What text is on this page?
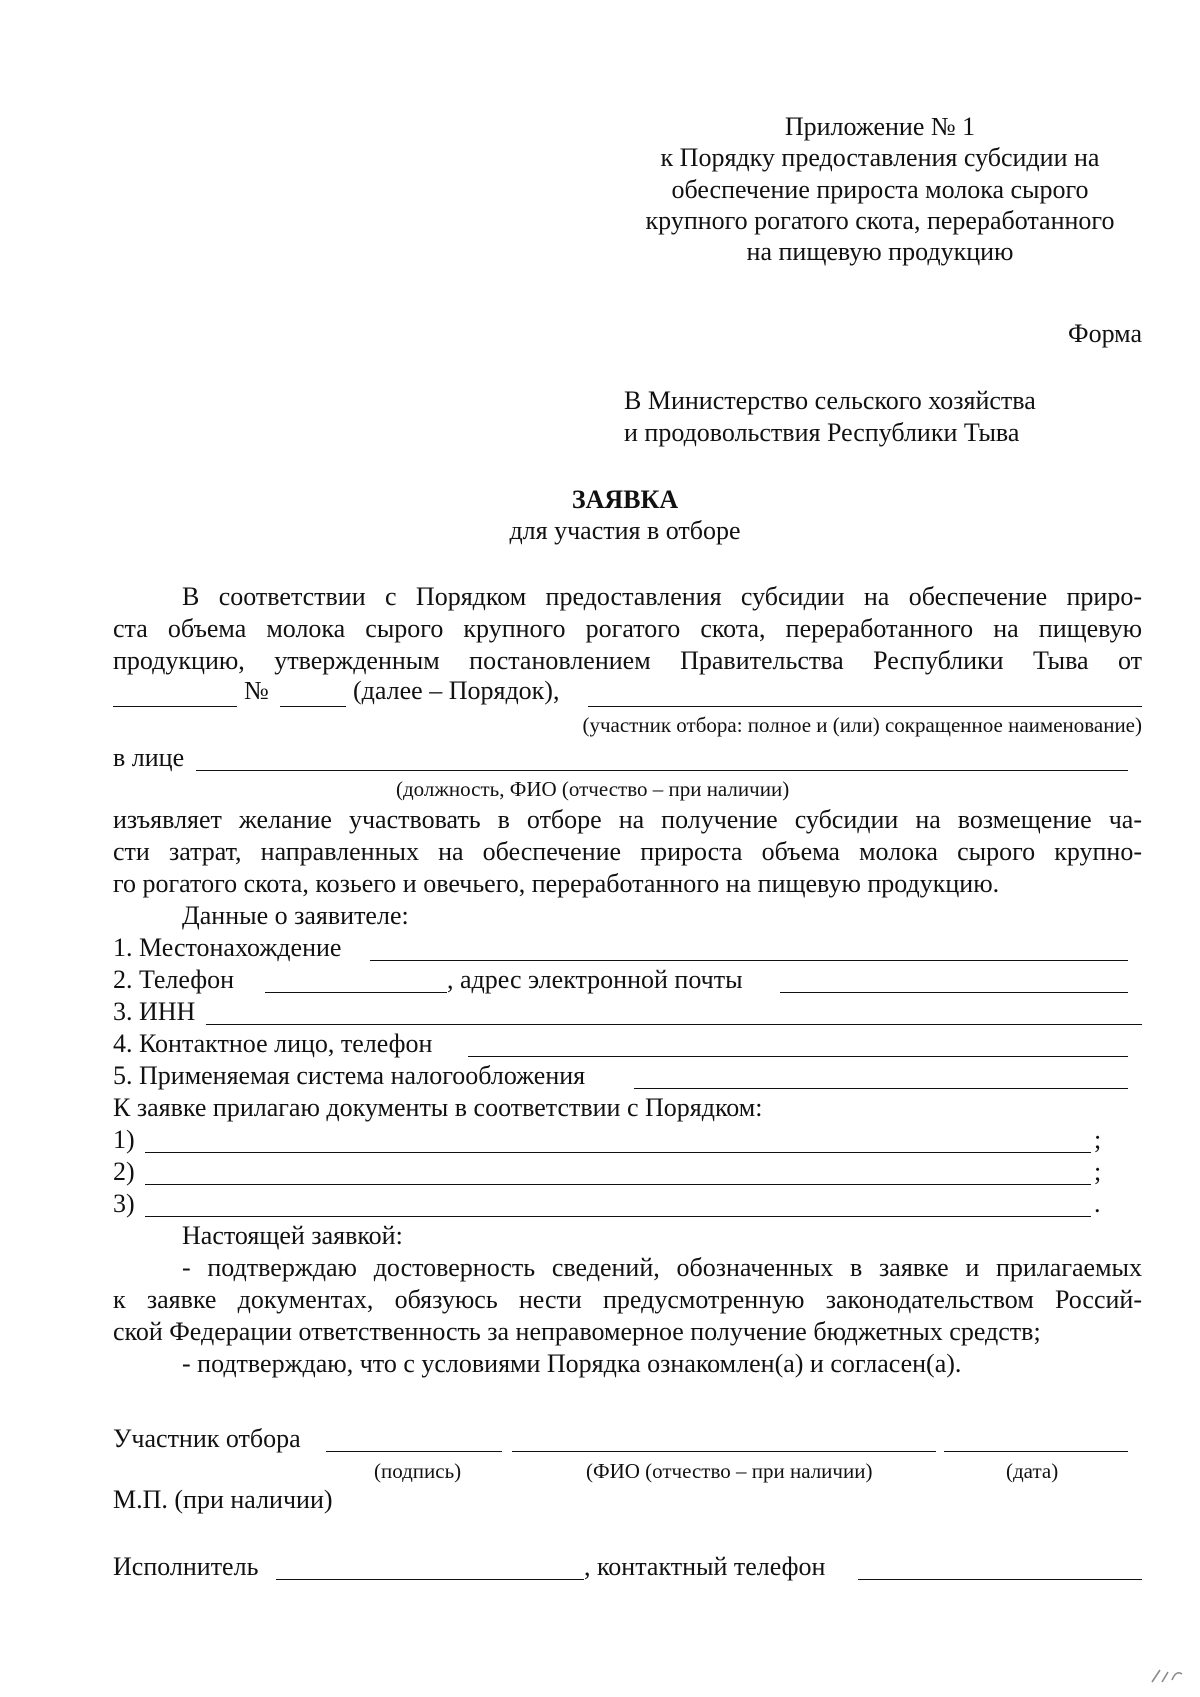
Приложение № 1
к Порядку предоставления субсидии на
обеспечение прироста молока сырого
крупного рогатого скота, переработанного
на пищевую продукцию
Форма
В Министерство сельского хозяйства
и продовольствия Республики Тыва
ЗАЯВКА
для участия в отборе
В соответствии с Порядком предоставления субсидии на обеспечение приро-
ста объема молока сырого крупного рогатого скота, переработанного на пищевую
продукцию, утвержденным постановлением Правительства Республики Тыва от
№	(далее – Порядок),
(участник отбора: полное и (или) сокращенное наименование)
в лице
(должность, ФИО (отчество – при наличии)
изъявляет желание участвовать в отборе на получение субсидии на возмещение ча-
сти затрат, направленных на обеспечение прироста объема молока сырого крупно-
го рогатого скота, козьего и овечьего, переработанного на пищевую продукцию.
Данные о заявителе:
1. Местонахождение
2. Телефон	, адрес электронной почты
3. ИНН
4. Контактное лицо, телефон
5. Применяемая система налогообложения
К заявке прилагаю документы в соответствии с Порядком:
1)	;
2)	;
3)	.
Настоящей заявкой:
- подтверждаю достоверность сведений, обозначенных в заявке и прилагаемых
к заявке документах, обязуюсь нести предусмотренную законодательством Россий-
ской Федерации ответственность за неправомерное получение бюджетных средств;
- подтверждаю, что с условиями Порядка ознакомлен(а) и согласен(а).
Участник отбора
(подпись)	(ФИО (отчество – при наличии)	(дата)
М.П. (при наличии)
Исполнитель	, контактный телефон
